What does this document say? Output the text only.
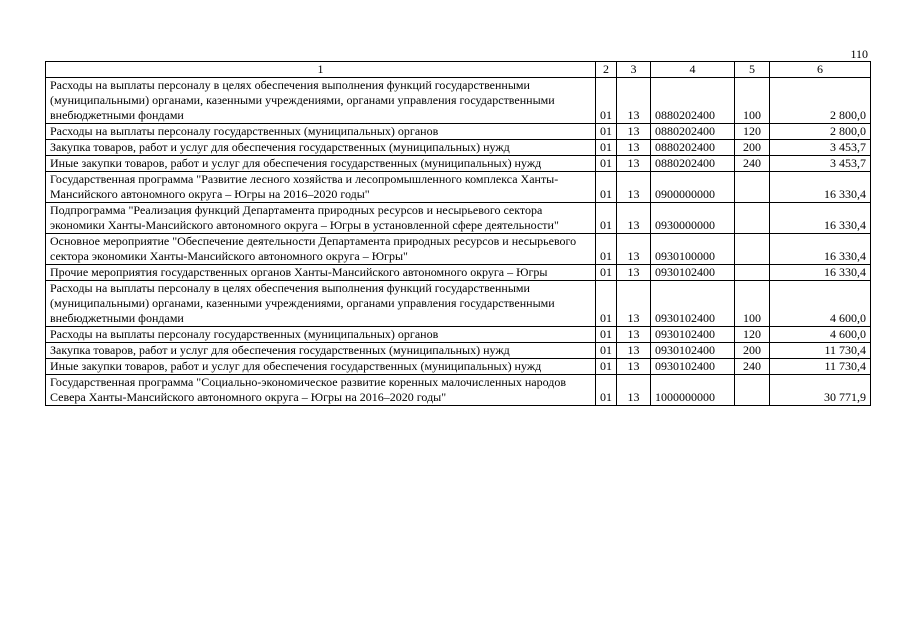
110
1	2	3	4	5	6
Расходы на выплаты персоналу в целях обеспечения выполнения функций государственными (муниципальными) органами, казенными учреждениями, органами управления государственными внебюджетными фондами	01	13	0880202400	100	2 800,0
Расходы на выплаты персоналу государственных (муниципальных) органов	01	13	0880202400	120	2 800,0
Закупка товаров, работ и услуг для обеспечения государственных (муниципальных) нужд	01	13	0880202400	200	3 453,7
Иные закупки товаров, работ и услуг для обеспечения государственных (муниципальных) нужд	01	13	0880202400	240	3 453,7
Государственная программа "Развитие лесного хозяйства и лесопромышленного комплекса Ханты-Мансийского автономного округа – Югры на 2016–2020 годы"	01	13	0900000000		16 330,4
Подпрограмма "Реализация функций Департамента природных ресурсов и несырьевого сектора экономики Ханты-Мансийского автономного округа – Югры в установленной сфере деятельности"	01	13	0930000000		16 330,4
Основное мероприятие "Обеспечение деятельности Департамента природных ресурсов и несырьевого сектора экономики Ханты-Мансийского автономного округа – Югры"	01	13	0930100000		16 330,4
Прочие мероприятия государственных органов Ханты-Мансийского автономного округа – Югры	01	13	0930102400		16 330,4
Расходы на выплаты персоналу в целях обеспечения выполнения функций государственными (муниципальными) органами, казенными учреждениями, органами управления государственными внебюджетными фондами	01	13	0930102400	100	4 600,0
Расходы на выплаты персоналу государственных (муниципальных) органов	01	13	0930102400	120	4 600,0
Закупка товаров, работ и услуг для обеспечения государственных (муниципальных) нужд	01	13	0930102400	200	11 730,4
Иные закупки товаров, работ и услуг для обеспечения государственных (муниципальных) нужд	01	13	0930102400	240	11 730,4
Государственная программа "Социально-экономическое развитие коренных малочисленных народов Севера Ханты-Мансийского автономного округа – Югры на 2016–2020 годы"	01	13	1000000000		30 771,9
